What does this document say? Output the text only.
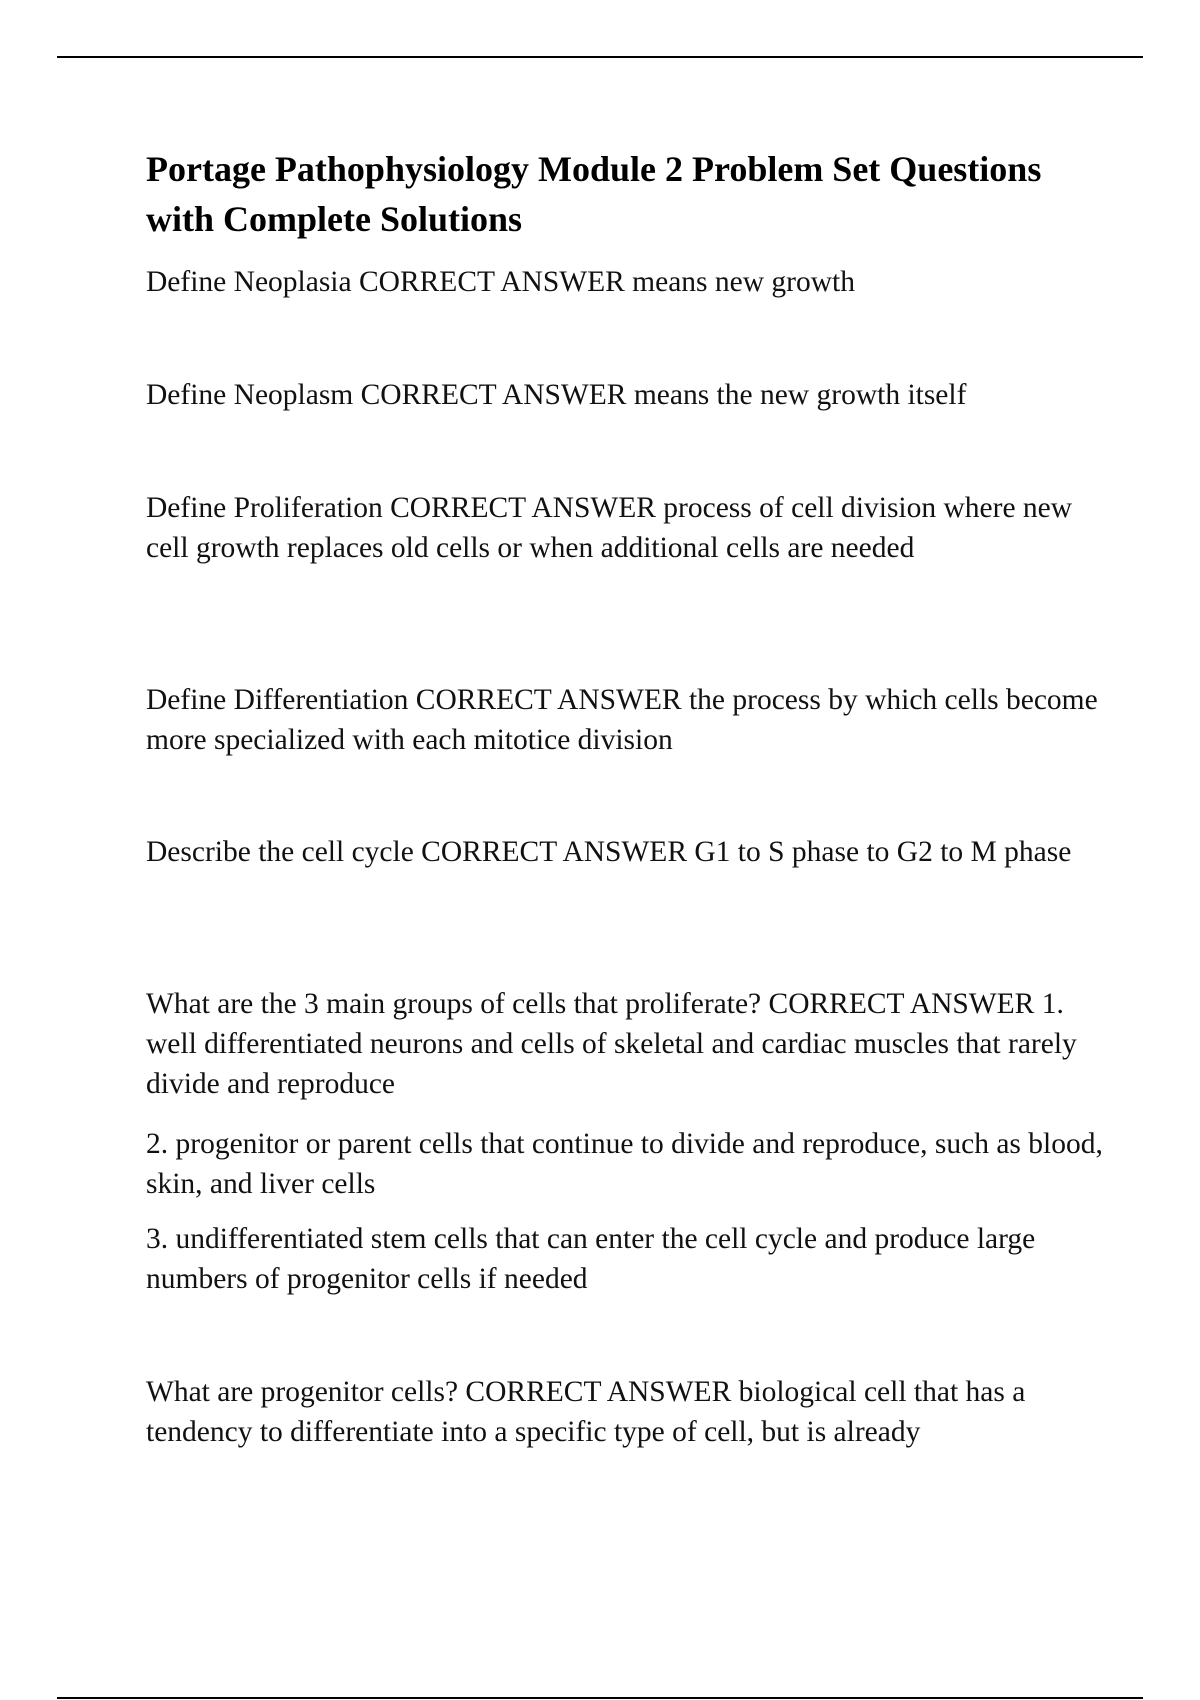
Portage Pathophysiology Module 2 Problem Set Questions with Complete Solutions

Define Neoplasia CORRECT ANSWER means new growth

Define Neoplasm CORRECT ANSWER means the new growth itself

Define Proliferation CORRECT ANSWER process of cell division where new cell growth replaces old cells or when additional cells are needed

Define Differentiation CORRECT ANSWER the process by which cells become more specialized with each mitotice division

Describe the cell cycle CORRECT ANSWER G1 to S phase to G2 to M phase

What are the 3 main groups of cells that proliferate? CORRECT ANSWER 1. well differentiated neurons and cells of skeletal and cardiac muscles that rarely divide and reproduce

2. progenitor or parent cells that continue to divide and reproduce, such as blood, skin, and liver cells

3. undifferentiated stem cells that can enter the cell cycle and produce large numbers of progenitor cells if needed

What are progenitor cells? CORRECT ANSWER biological cell that has a tendency to differentiate into a specific type of cell, but is already
